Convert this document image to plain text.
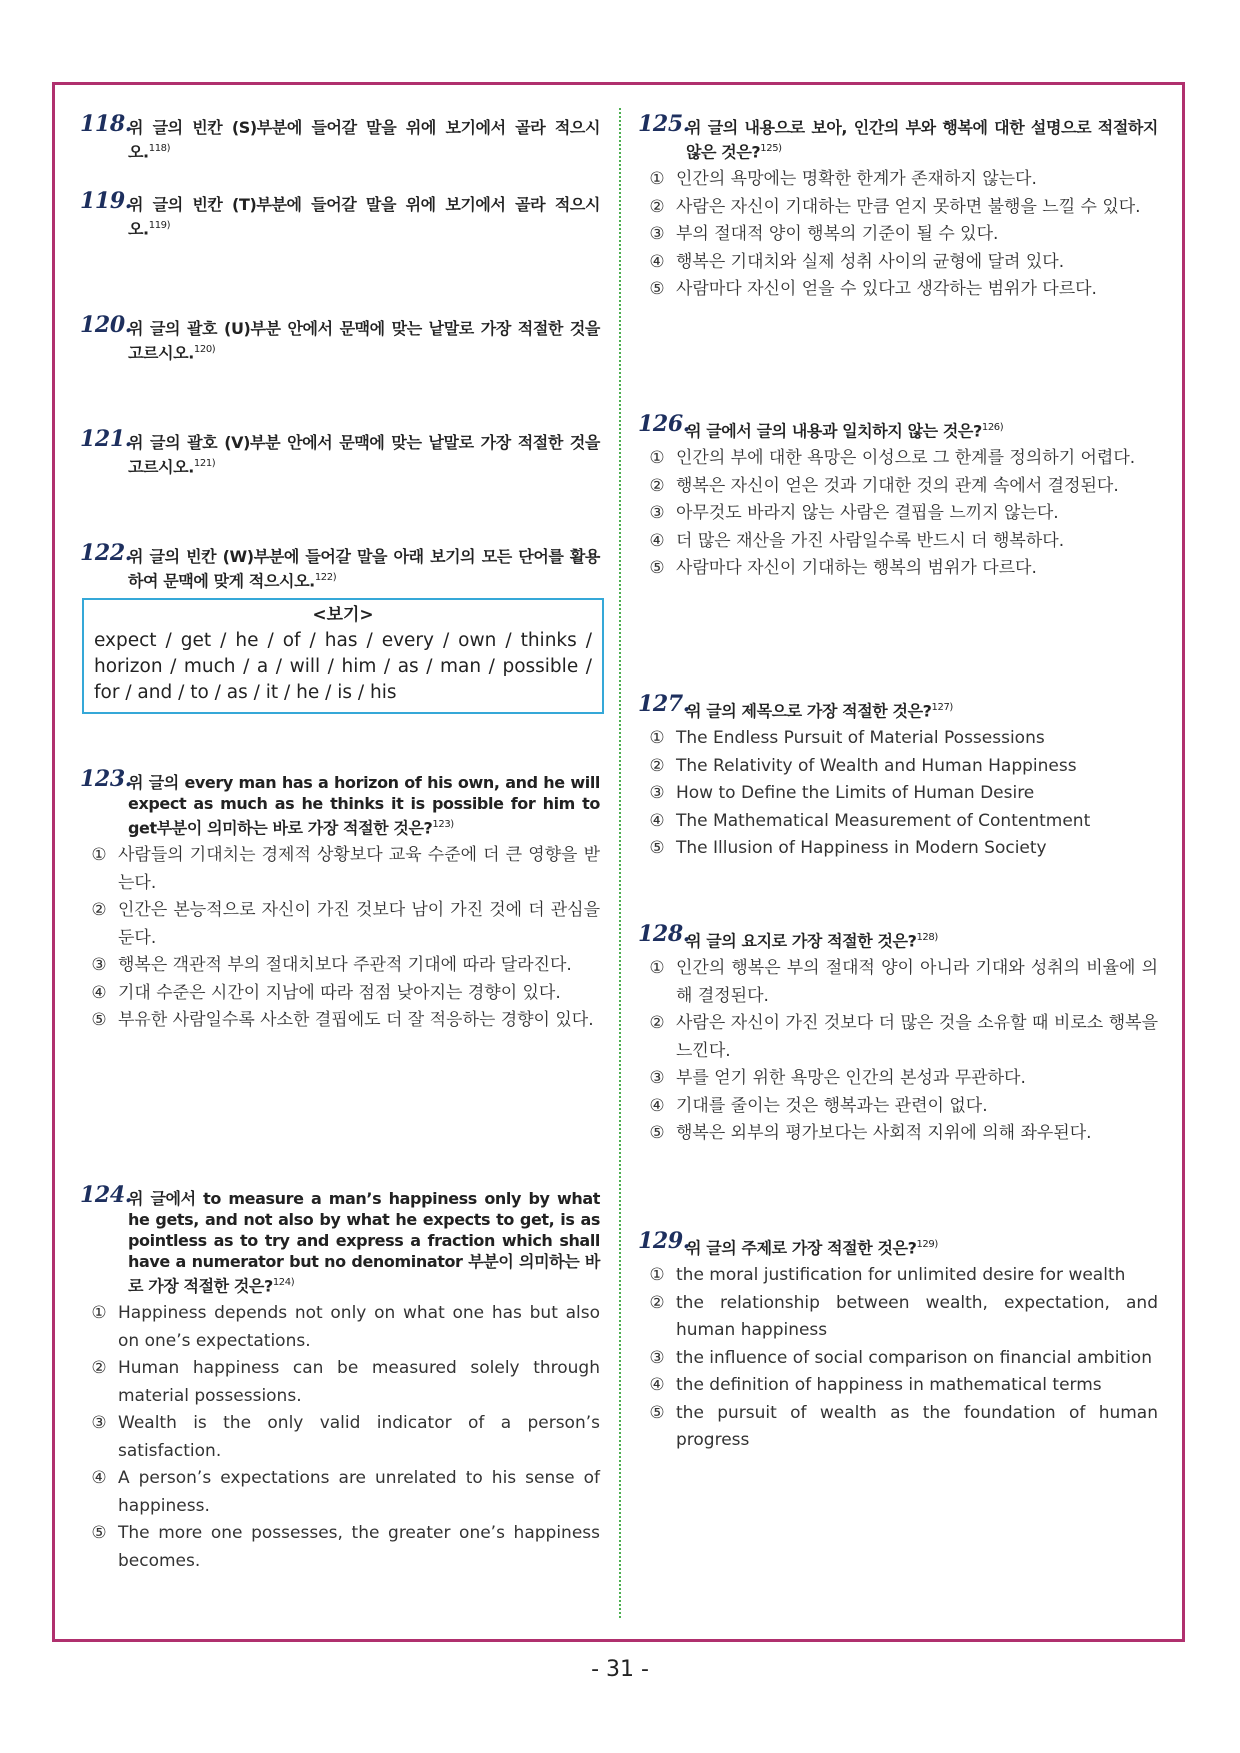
118.
위 글의 빈칸 (S)부분에 들어갈 말을 위에 보기에서 골라 적으시오.$^{118)}$
119.
위 글의 빈칸 (T)부분에 들어갈 말을 위에 보기에서 골라 적으시오.$^{119)}$
120.
위 글의 괄호 (U)부분 안에서 문맥에 맞는 낱말로 가장 적절한 것을 고르시오.$^{120)}$
121.
위 글의 괄호 (V)부분 안에서 문맥에 맞는 낱말로 가장 적절한 것을 고르시오.$^{121)}$
122.
위 글의 빈칸 (W)부분에 들어갈 말을 아래 보기의 모든 단어를 활용하여 문맥에 맞게 적으시오.$^{122)}$
<보기>
expect / get / he / of / has / every / own / thinks / horizon / much / a / will / him / as / man / possible / for / and / to / as / it / he / is / his
123.
위 글의 every man has a horizon of his own, and he will expect as much as he thinks it is possible for him to get부분이 의미하는 바로 가장 적절한 것은?$^{123)}$
① 사람들의 기대치는 경제적 상황보다 교육 수준에 더 큰 영향을 받는다.
② 인간은 본능적으로 자신이 가진 것보다 남이 가진 것에 더 관심을 둔다.
③ 행복은 객관적 부의 절대치보다 주관적 기대에 따라 달라진다.
④ 기대 수준은 시간이 지남에 따라 점점 낮아지는 경향이 있다.
⑤ 부유한 사람일수록 사소한 결핍에도 더 잘 적응하는 경향이 있다.
124.
위 글에서 to measure a man’s happiness only by what he gets, and not also by what he expects to get, is as pointless as to try and express a fraction which shall have a numerator but no denominator 부분이 의미하는 바로 가장 적절한 것은?$^{124)}$
① Happiness depends not only on what one has but also on one’s expectations.
② Human happiness can be measured solely through material possessions.
③ Wealth is the only valid indicator of a person’s satisfaction.
④ A person’s expectations are unrelated to his sense of happiness.
⑤ The more one possesses, the greater one’s happiness becomes.
125.
위 글의 내용으로 보아, 인간의 부와 행복에 대한 설명으로 적절하지 않은 것은?$^{125)}$
① 인간의 욕망에는 명확한 한계가 존재하지 않는다.
② 사람은 자신이 기대하는 만큼 얻지 못하면 불행을 느낄 수 있다.
③ 부의 절대적 양이 행복의 기준이 될 수 있다.
④ 행복은 기대치와 실제 성취 사이의 균형에 달려 있다.
⑤ 사람마다 자신이 얻을 수 있다고 생각하는 범위가 다르다.
126.
위 글에서 글의 내용과 일치하지 않는 것은?$^{126)}$
① 인간의 부에 대한 욕망은 이성으로 그 한계를 정의하기 어렵다.
② 행복은 자신이 얻은 것과 기대한 것의 관계 속에서 결정된다.
③ 아무것도 바라지 않는 사람은 결핍을 느끼지 않는다.
④ 더 많은 재산을 가진 사람일수록 반드시 더 행복하다.
⑤ 사람마다 자신이 기대하는 행복의 범위가 다르다.
127.
위 글의 제목으로 가장 적절한 것은?$^{127)}$
① The Endless Pursuit of Material Possessions
② The Relativity of Wealth and Human Happiness
③ How to Define the Limits of Human Desire
④ The Mathematical Measurement of Contentment
⑤ The Illusion of Happiness in Modern Society
128.
위 글의 요지로 가장 적절한 것은?$^{128)}$
① 인간의 행복은 부의 절대적 양이 아니라 기대와 성취의 비율에 의해 결정된다.
② 사람은 자신이 가진 것보다 더 많은 것을 소유할 때 비로소 행복을 느낀다.
③ 부를 얻기 위한 욕망은 인간의 본성과 무관하다.
④ 기대를 줄이는 것은 행복과는 관련이 없다.
⑤ 행복은 외부의 평가보다는 사회적 지위에 의해 좌우된다.
129.
위 글의 주제로 가장 적절한 것은?$^{129)}$
① the moral justification for unlimited desire for wealth
② the relationship between wealth, expectation, and human happiness
③ the influence of social comparison on financial ambition
④ the definition of happiness in mathematical terms
⑤ the pursuit of wealth as the foundation of human progress
- 31 -
